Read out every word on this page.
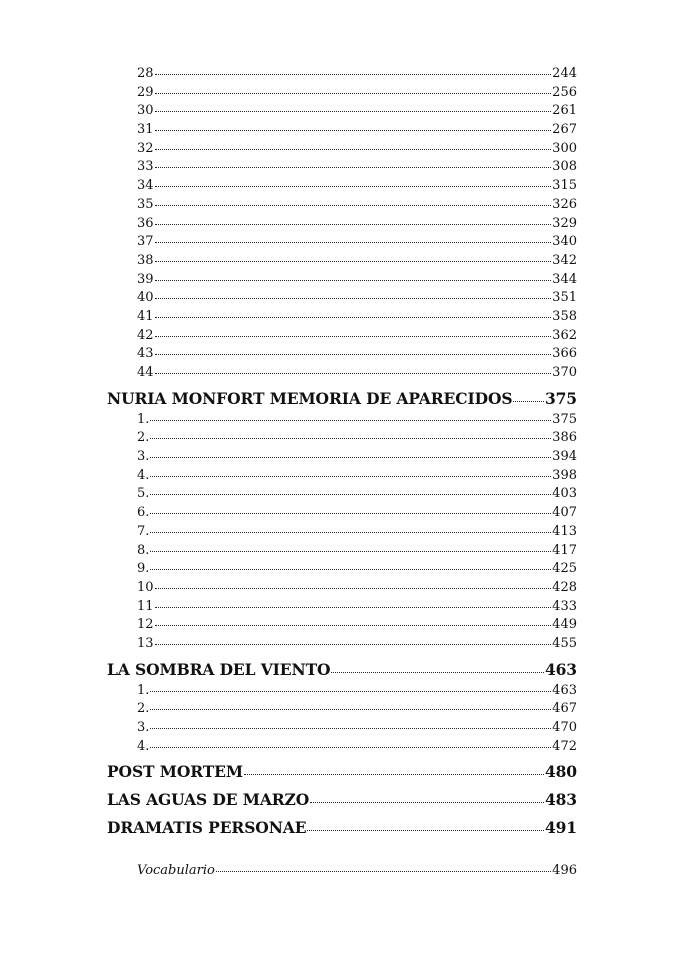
28	244
29	256
30	261
31	267
32	300
33	308
34	315
35	326
36	329
37	340
38	342
39	344
40	351
41	358
42	362
43	366
44	370
NURIA MONFORT MEMORIA DE APARECIDOS 375
1.	375
2.	386
3.	394
4.	398
5.	403
6.	407
7.	413
8.	417
9.	425
10	428
11	433
12	449
13	455
LA SOMBRA DEL VIENTO	463
1.	463
2.	467
3.	470
4.	472
POST MORTEM	480
LAS AGUAS DE MARZO	483
DRAMATIS PERSONAE	491
Vocabulario	496
